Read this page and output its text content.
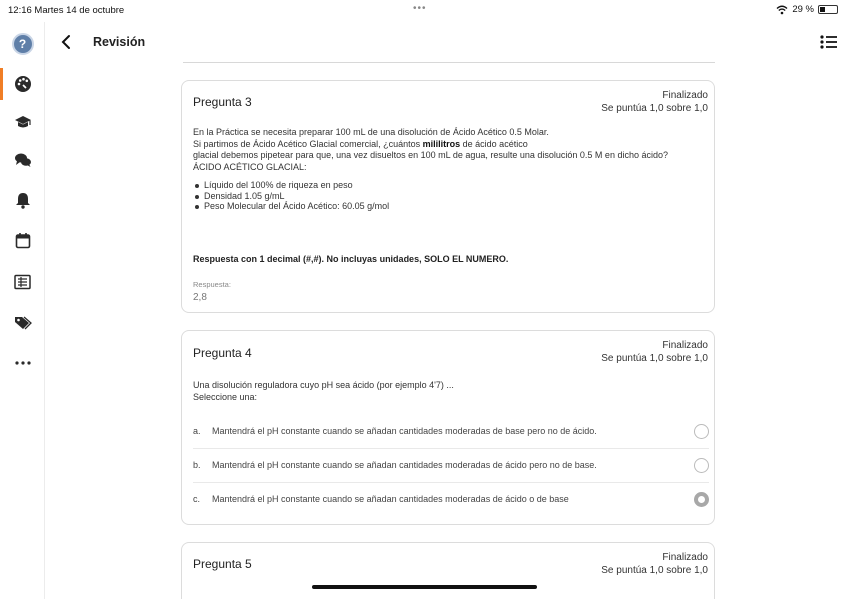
12:16 Martes 14 de octubre	•••	29 %
?	Revisión
Pregunta 3	Finalizado
Se puntúa 1,0 sobre 1,0
En la Práctica se necesita preparar 100 mL de una disolución de Ácido Acético 0.5 Molar.
Si partimos de Ácido Acético Glacial comercial, ¿cuántos mililitros de ácido acético
glacial debemos pipetear para que, una vez disueltos en 100 mL de agua, resulte una disolución 0.5 M en dicho ácido?
ÁCIDO ACÉTICO GLACIAL:
Líquido del 100% de riqueza en peso
Densidad 1.05 g/mL
Peso Molecular del Ácido Acético: 60.05 g/mol
Respuesta con 1 decimal (#,#). No incluyas unidades, SOLO EL NUMERO.
Respuesta:
2,8
Pregunta 4
Finalizado
Se puntúa 1,0 sobre 1,0
Una disolución reguladora cuyo pH sea ácido (por ejemplo 4'7) ...
Seleccione una:
a. Mantendrá el pH constante cuando se añadan cantidades moderadas de base pero no de ácido.
b. Mantendrá el pH constante cuando se añadan cantidades moderadas de ácido pero no de base.
c. Mantendrá el pH constante cuando se añadan cantidades moderadas de ácido o de base
Pregunta 5	Finalizado
Se puntúa 1,0 sobre 1,0
